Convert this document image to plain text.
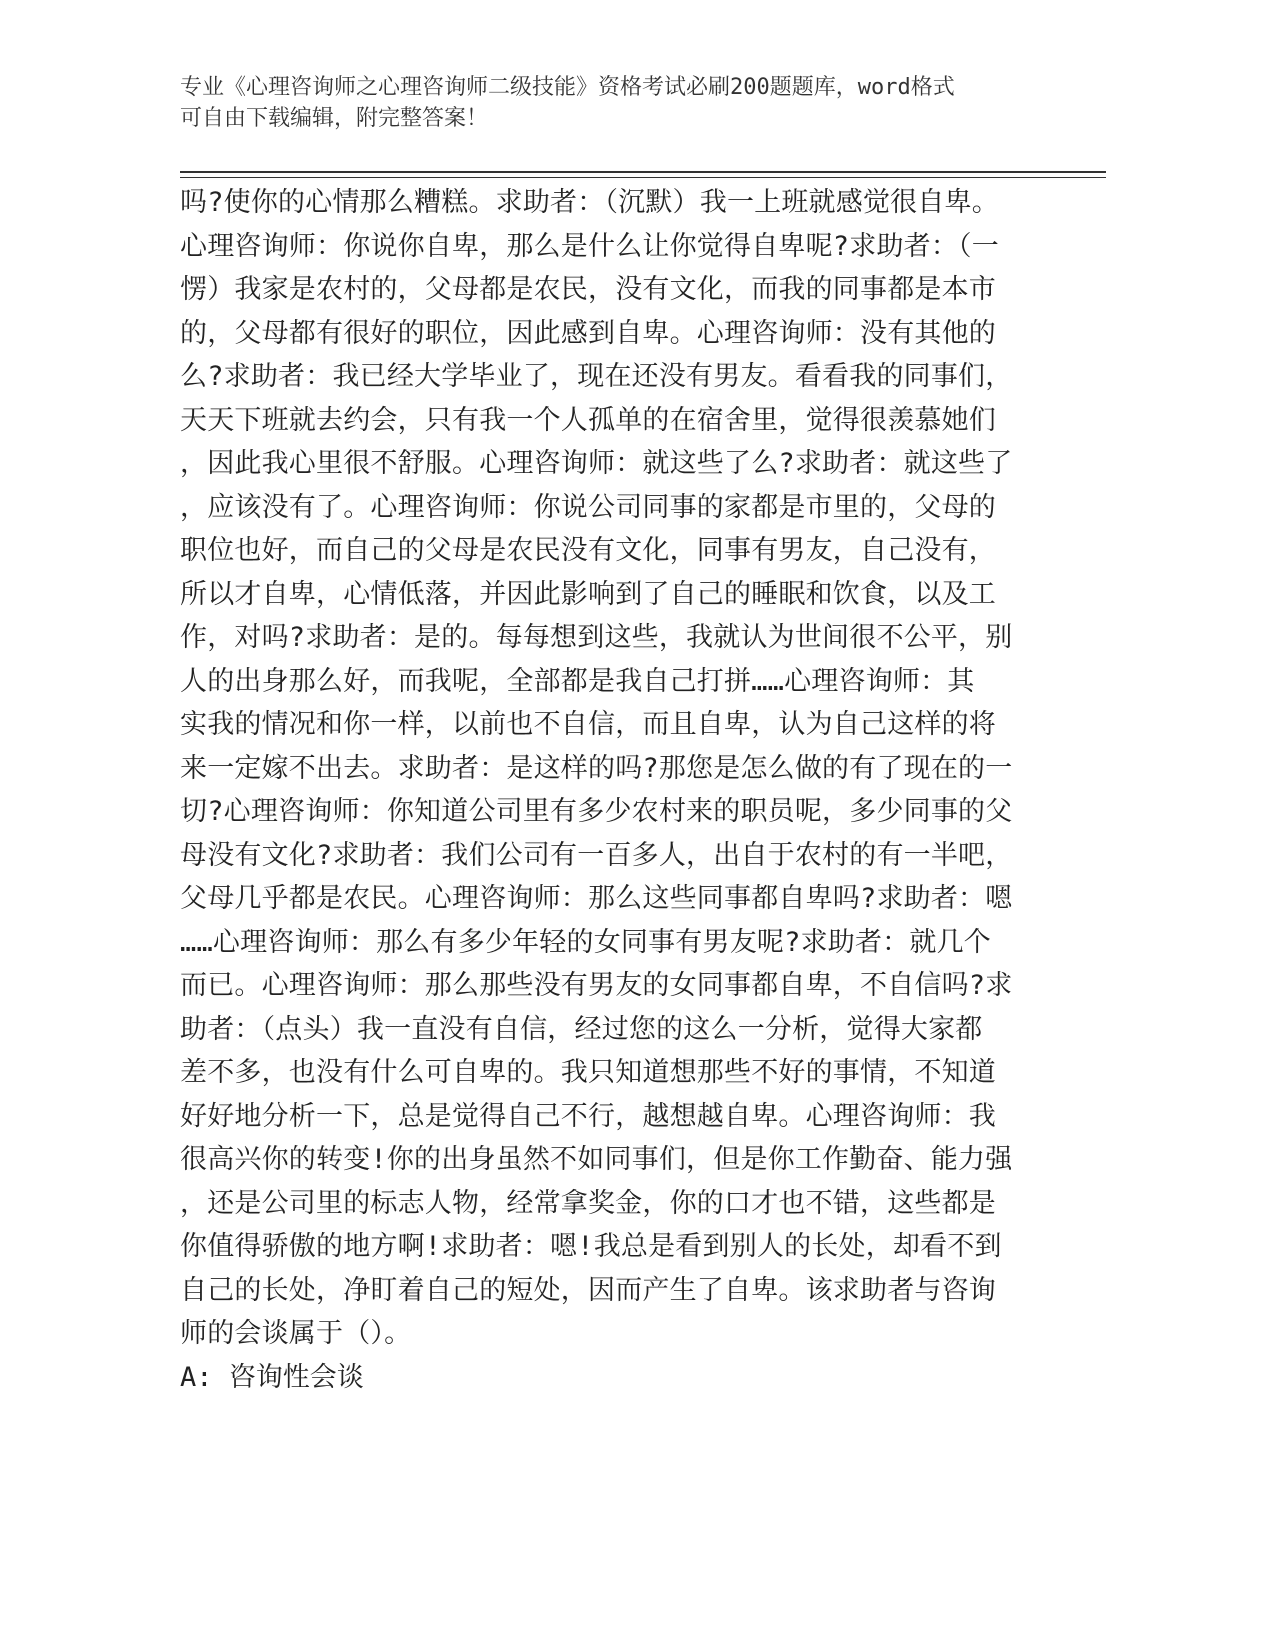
专业《心理咨询师之心理咨询师二级技能》资格考试必刷200题题库，word格式
可自由下载编辑，附完整答案！
吗?使你的心情那么糟糕。求助者：（沉默）我一上班就感觉很自卑。
心理咨询师：你说你自卑，那么是什么让你觉得自卑呢?求助者：（一
愣）我家是农村的，父母都是农民，没有文化，而我的同事都是本市
的，父母都有很好的职位，因此感到自卑。心理咨询师：没有其他的
么?求助者：我已经大学毕业了，现在还没有男友。看看我的同事们，
天天下班就去约会，只有我一个人孤单的在宿舍里，觉得很羡慕她们
，因此我心里很不舒服。心理咨询师：就这些了么?求助者：就这些了
，应该没有了。心理咨询师：你说公司同事的家都是市里的，父母的
职位也好，而自己的父母是农民没有文化，同事有男友，自己没有，
所以才自卑，心情低落，并因此影响到了自己的睡眠和饮食，以及工
作，对吗?求助者：是的。每每想到这些，我就认为世间很不公平，别
人的出身那么好，而我呢，全部都是我自己打拼……心理咨询师：其
实我的情况和你一样，以前也不自信，而且自卑，认为自己这样的将
来一定嫁不出去。求助者：是这样的吗?那您是怎么做的有了现在的一
切?心理咨询师：你知道公司里有多少农村来的职员呢，多少同事的父
母没有文化?求助者：我们公司有一百多人，出自于农村的有一半吧，
父母几乎都是农民。心理咨询师：那么这些同事都自卑吗?求助者：嗯
……心理咨询师：那么有多少年轻的女同事有男友呢?求助者：就几个
而已。心理咨询师：那么那些没有男友的女同事都自卑，不自信吗?求
助者：（点头）我一直没有自信，经过您的这么一分析，觉得大家都
差不多，也没有什么可自卑的。我只知道想那些不好的事情，不知道
好好地分析一下，总是觉得自己不行，越想越自卑。心理咨询师：我
很高兴你的转变!你的出身虽然不如同事们，但是你工作勤奋、能力强
，还是公司里的标志人物，经常拿奖金，你的口才也不错，这些都是
你值得骄傲的地方啊!求助者：嗯!我总是看到别人的长处，却看不到
自己的长处，净盯着自己的短处，因而产生了自卑。该求助者与咨询
师的会谈属于（）。
A: 咨询性会谈
